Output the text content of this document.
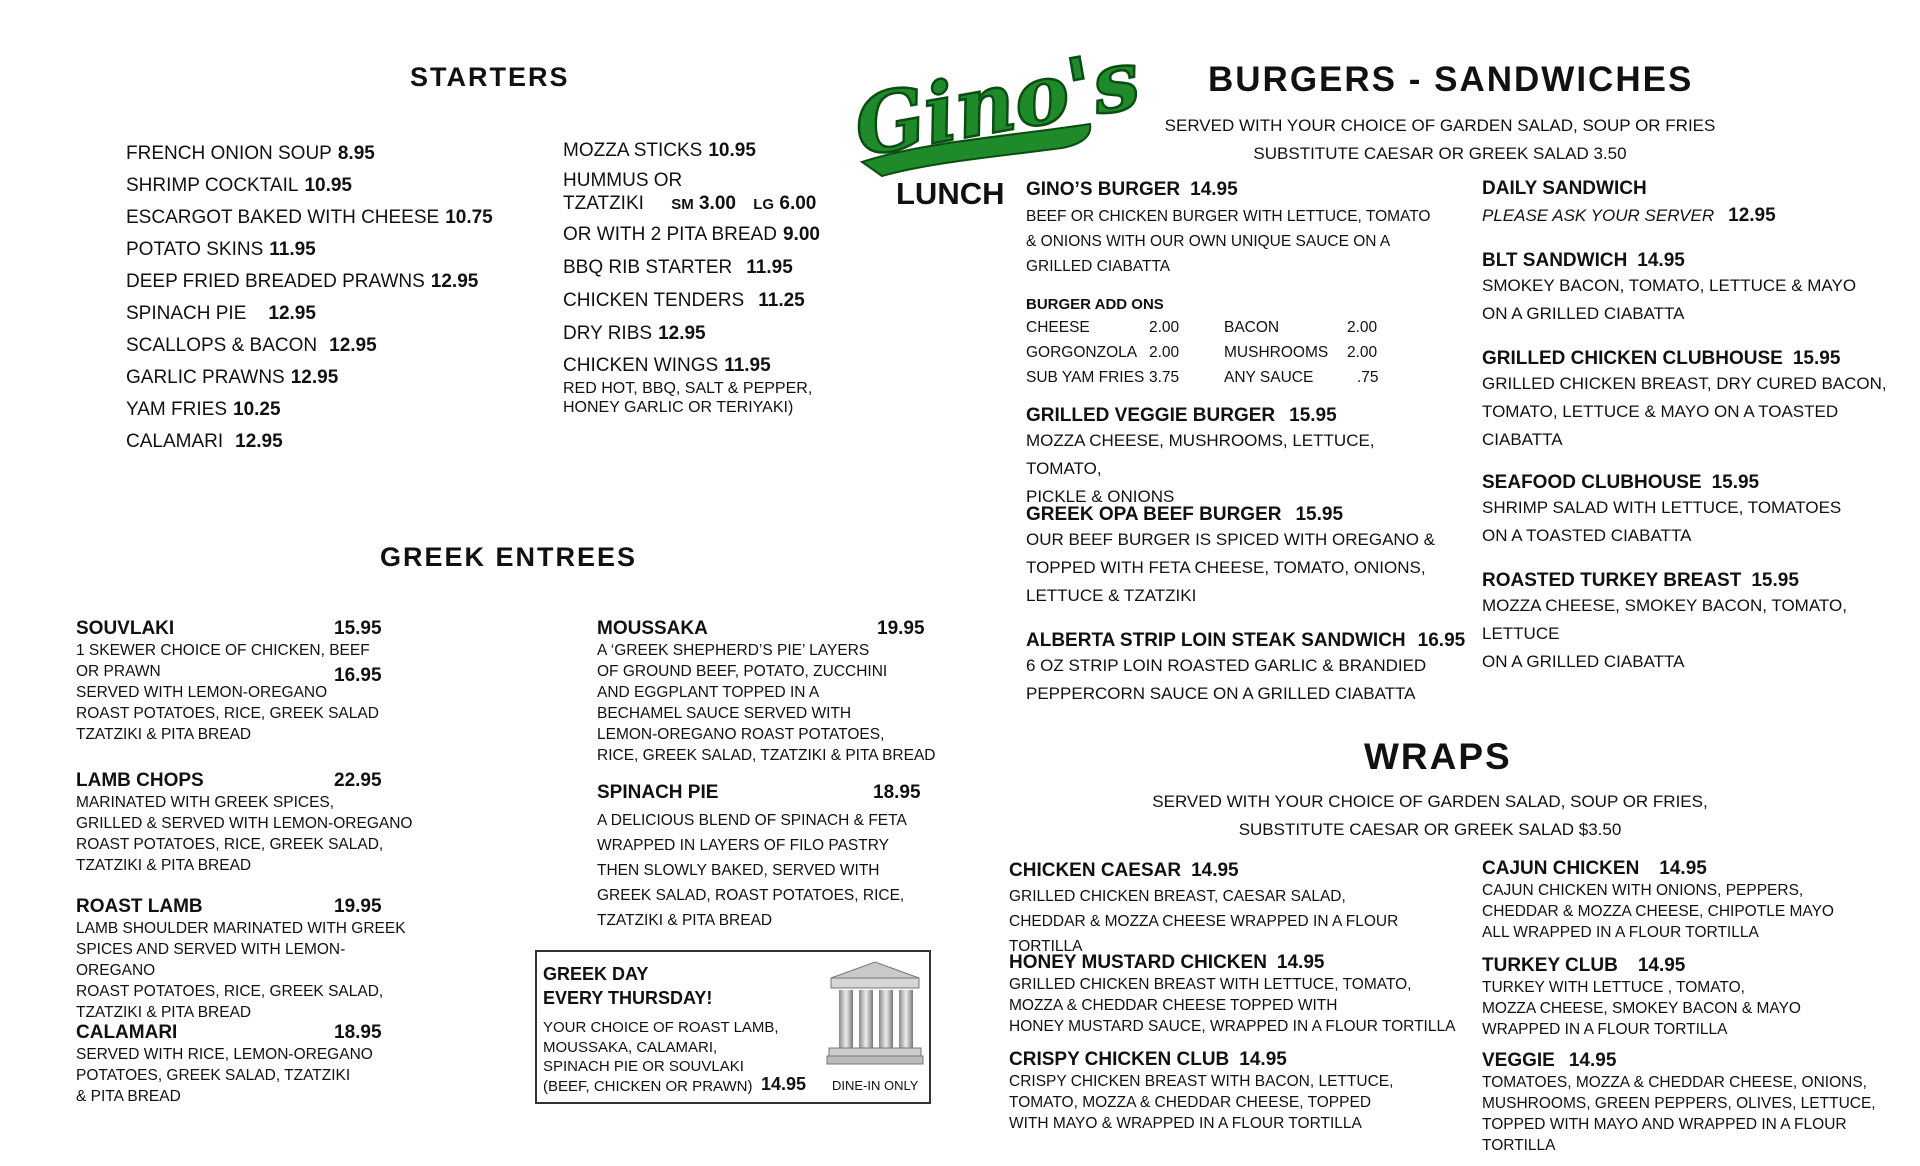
Gino's
LUNCH
STARTERS
FRENCH ONION SOUP 8.95
SHRIMP COCKTAIL 10.95
ESCARGOT BAKED WITH CHEESE 10.75
POTATO SKINS 11.95
DEEP FRIED BREADED PRAWNS 12.95
SPINACH PIE 12.95
SCALLOPS & BACON 12.95
GARLIC PRAWNS 12.95
YAM FRIES 10.25
CALAMARI 12.95
MOZZA STICKS 10.95
HUMMUS OR
TZATZIKI SM 3.00 LG 6.00
OR WITH 2 PITA BREAD 9.00
BBQ RIB STARTER 11.95
CHICKEN TENDERS 11.25
DRY RIBS 12.95
CHICKEN WINGS 11.95
RED HOT, BBQ, SALT & PEPPER,
HONEY GARLIC OR TERIYAKI)
GREEK ENTREES
SOUVLAKI	15.95
16.95
1 SKEWER CHOICE OF CHICKEN, BEEF
OR PRAWN
SERVED WITH LEMON-OREGANO
ROAST POTATOES, RICE, GREEK SALAD
TZATZIKI & PITA BREAD
LAMB CHOPS	22.95
MARINATED WITH GREEK SPICES,
GRILLED & SERVED WITH LEMON-OREGANO
ROAST POTATOES, RICE, GREEK SALAD,
TZATZIKI & PITA BREAD
ROAST LAMB	19.95
LAMB SHOULDER MARINATED WITH GREEK
SPICES AND SERVED WITH LEMON-OREGANO
ROAST POTATOES, RICE, GREEK SALAD,
TZATZIKI & PITA BREAD
CALAMARI	18.95
SERVED WITH RICE, LEMON-OREGANO
POTATOES, GREEK SALAD, TZATZIKI
& PITA BREAD
MOUSSAKA	19.95
A ‘GREEK SHEPHERD’S PIE’ LAYERS
OF GROUND BEEF, POTATO, ZUCCHINI
AND EGGPLANT TOPPED IN A
BECHAMEL SAUCE SERVED WITH
LEMON-OREGANO ROAST POTATOES,
RICE, GREEK SALAD, TZATZIKI & PITA BREAD
SPINACH PIE	18.95
A DELICIOUS BLEND OF SPINACH & FETA
WRAPPED IN LAYERS OF FILO PASTRY
THEN SLOWLY BAKED, SERVED WITH
GREEK SALAD, ROAST POTATOES, RICE,
TZATZIKI & PITA BREAD
GREEK DAY
EVERY THURSDAY!
YOUR CHOICE OF ROAST LAMB,
MOUSSAKA, CALAMARI,
SPINACH PIE OR SOUVLAKI
(BEEF, CHICKEN OR PRAWN) 14.95 DINE-IN ONLY
BURGERS - SANDWICHES
SERVED WITH YOUR CHOICE OF GARDEN SALAD, SOUP OR FRIES
SUBSTITUTE CAESAR OR GREEK SALAD 3.50
GINO’S BURGER 14.95
BEEF OR CHICKEN BURGER WITH LETTUCE, TOMATO
& ONIONS WITH OUR OWN UNIQUE SAUCE ON A
GRILLED CIABATTA
BURGER ADD ONS
CHEESE	2.00	BACON	2.00
GORGONZOLA 2.00	MUSHROOMS 2.00
SUB YAM FRIES 3.75	ANY SAUCE	.75
GRILLED VEGGIE BURGER 15.95
MOZZA CHEESE, MUSHROOMS, LETTUCE, TOMATO,
PICKLE & ONIONS
GREEK OPA BEEF BURGER 15.95
OUR BEEF BURGER IS SPICED WITH OREGANO &
TOPPED WITH FETA CHEESE, TOMATO, ONIONS,
LETTUCE & TZATZIKI
ALBERTA STRIP LOIN STEAK SANDWICH 16.95
6 OZ STRIP LOIN ROASTED GARLIC & BRANDIED
PEPPERCORN SAUCE ON A GRILLED CIABATTA
DAILY SANDWICH
PLEASE ASK YOUR SERVER 12.95
BLT SANDWICH 14.95
SMOKEY BACON, TOMATO, LETTUCE & MAYO
ON A GRILLED CIABATTA
GRILLED CHICKEN CLUBHOUSE 15.95
GRILLED CHICKEN BREAST, DRY CURED BACON,
TOMATO, LETTUCE & MAYO ON A TOASTED
CIABATTA
SEAFOOD CLUBHOUSE 15.95
SHRIMP SALAD WITH LETTUCE, TOMATOES
ON A TOASTED CIABATTA
ROASTED TURKEY BREAST 15.95
MOZZA CHEESE, SMOKEY BACON, TOMATO, LETTUCE
ON A GRILLED CIABATTA
WRAPS
SERVED WITH YOUR CHOICE OF GARDEN SALAD, SOUP OR FRIES,
SUBSTITUTE CAESAR OR GREEK SALAD $3.50
CHICKEN CAESAR 14.95
GRILLED CHICKEN BREAST, CAESAR SALAD,
CHEDDAR & MOZZA CHEESE WRAPPED IN A FLOUR TORTILLA
HONEY MUSTARD CHICKEN 14.95
GRILLED CHICKEN BREAST WITH LETTUCE, TOMATO,
MOZZA & CHEDDAR CHEESE TOPPED WITH
HONEY MUSTARD SAUCE, WRAPPED IN A FLOUR TORTILLA
CRISPY CHICKEN CLUB 14.95
CRISPY CHICKEN BREAST WITH BACON, LETTUCE,
TOMATO, MOZZA & CHEDDAR CHEESE, TOPPED
WITH MAYO & WRAPPED IN A FLOUR TORTILLA
CAJUN CHICKEN 14.95
CAJUN CHICKEN WITH ONIONS, PEPPERS,
CHEDDAR & MOZZA CHEESE, CHIPOTLE MAYO
ALL WRAPPED IN A FLOUR TORTILLA
TURKEY CLUB 14.95
TURKEY WITH LETTUCE , TOMATO,
MOZZA CHEESE, SMOKEY BACON & MAYO
WRAPPED IN A FLOUR TORTILLA
VEGGIE 14.95
TOMATOES, MOZZA & CHEDDAR CHEESE, ONIONS,
MUSHROOMS, GREEN PEPPERS, OLIVES, LETTUCE,
TOPPED WITH MAYO AND WRAPPED IN A FLOUR TORTILLA
